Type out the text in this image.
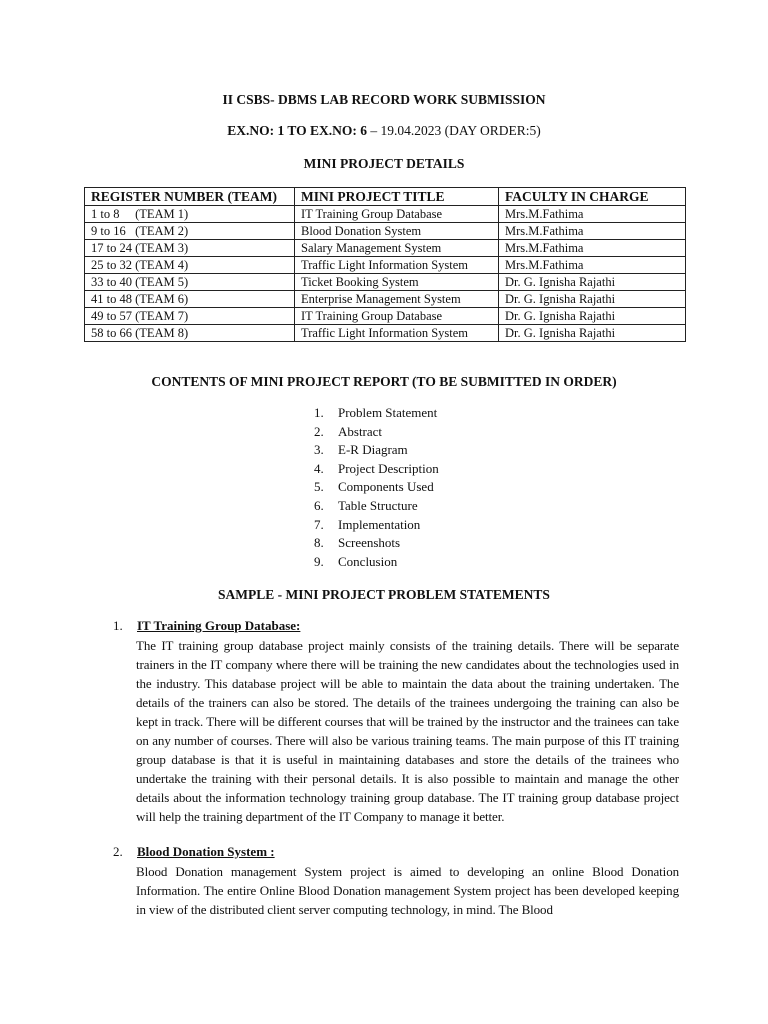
II CSBS- DBMS LAB RECORD WORK SUBMISSION
EX.NO: 1 TO EX.NO: 6 – 19.04.2023 (DAY ORDER:5)
MINI PROJECT DETAILS
REGISTER NUMBER (TEAM)	MINI PROJECT TITLE	FACULTY IN CHARGE
1 to 8     (TEAM 1)	IT Training Group Database	Mrs.M.Fathima
9 to 16   (TEAM 2)	Blood Donation System	Mrs.M.Fathima
17 to 24 (TEAM 3)	Salary Management System	Mrs.M.Fathima
25 to 32 (TEAM 4)	Traffic Light Information System	Mrs.M.Fathima
33 to 40 (TEAM 5)	Ticket Booking System	Dr. G. Ignisha Rajathi
41 to 48 (TEAM 6)	Enterprise Management System	Dr. G. Ignisha Rajathi
49 to 57 (TEAM 7)	IT Training Group Database	Dr. G. Ignisha Rajathi
58 to 66 (TEAM 8)	Traffic Light Information System	Dr. G. Ignisha Rajathi
CONTENTS OF MINI PROJECT REPORT (TO BE SUBMITTED IN ORDER)
1.	Problem Statement
2.	Abstract
3.	E-R Diagram
4.	Project Description
5.	Components Used
6.	Table Structure
7.	Implementation
8.	Screenshots
9.	Conclusion
SAMPLE - MINI PROJECT PROBLEM STATEMENTS
1. IT Training Group Database:
The IT training group database project mainly consists of the training details. There will be separate trainers in the IT company where there will be training the new candidates about the technologies used in the industry. This database project will be able to maintain the data about the training undertaken. The details of the trainers can also be stored. The details of the trainees undergoing the training can also be kept in track. There will be different courses that will be trained by the instructor and the trainees can take on any number of courses. There will also be various training teams. The main purpose of this IT training group database is that it is useful in maintaining databases and store the details of the trainees who undertake the training with their personal details. It is also possible to maintain and manage the other details about the information technology training group database. The IT training group database project will help the training department of the IT Company to manage it better.
2. Blood Donation System :
Blood Donation management System project is aimed to developing an online Blood Donation Information. The entire Online Blood Donation management System project has been developed keeping in view of the distributed client server computing technology, in mind. The Blood
